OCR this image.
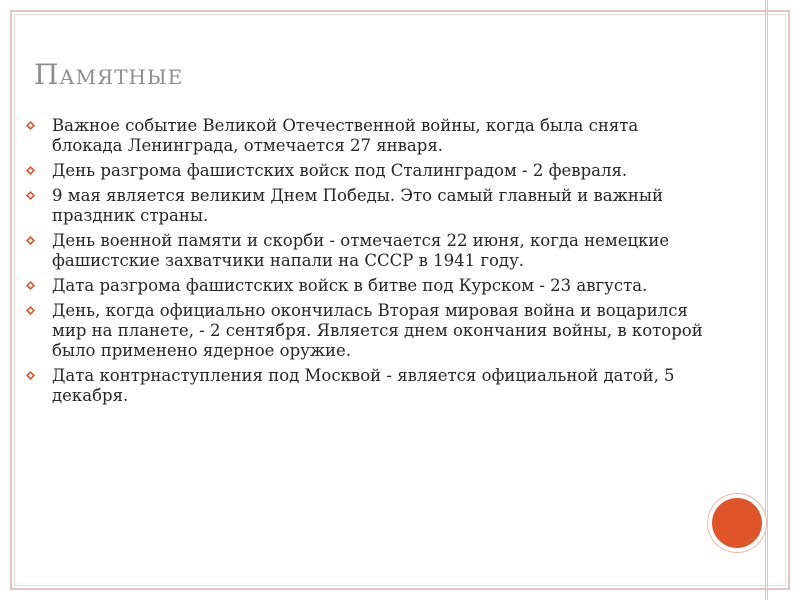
Памятные
Важное событие Великой Отечественной войны, когда была снята блокада Ленинграда, отмечается 27 января.
День разгрома фашистских войск под Сталинградом - 2 февраля.
9 мая является великим Днем Победы. Это самый главный и важный праздник страны.
День военной памяти и скорби - отмечается 22 июня, когда немецкие фашистские захватчики напали на СССР в 1941 году.
Дата разгрома фашистских войск в битве под Курском - 23 августа.
День, когда официально окончилась Вторая мировая война и воцарился мир на планете, - 2 сентября. Является днем окончания войны, в которой было применено ядерное оружие.
Дата контрнаступления под Москвой - является официальной датой, 5 декабря.
